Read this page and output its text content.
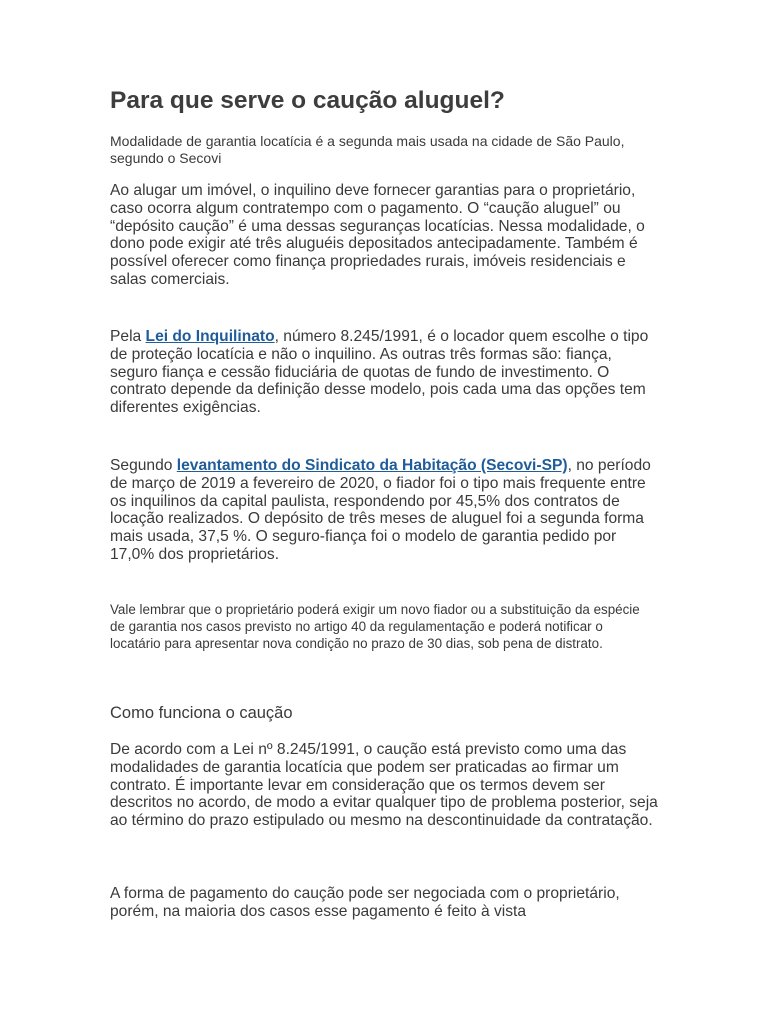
Para que serve o caução aluguel?

Modalidade de garantia locatícia é a segunda mais usada na cidade de São Paulo, segundo o Secovi

Ao alugar um imóvel, o inquilino deve fornecer garantias para o proprietário, caso ocorra algum contratempo com o pagamento. O “caução aluguel” ou “depósito caução” é uma dessas seguranças locatícias. Nessa modalidade, o dono pode exigir até três aluguéis depositados antecipadamente. Também é possível oferecer como finança propriedades rurais, imóveis residenciais e salas comerciais.

Pela Lei do Inquilinato, número 8.245/1991, é o locador quem escolhe o tipo de proteção locatícia e não o inquilino. As outras três formas são: fiança, seguro fiança e cessão fiduciária de quotas de fundo de investimento. O contrato depende da definição desse modelo, pois cada uma das opções tem diferentes exigências.

Segundo levantamento do Sindicato da Habitação (Secovi-SP), no período de março de 2019 a fevereiro de 2020, o fiador foi o tipo mais frequente entre os inquilinos da capital paulista, respondendo por 45,5% dos contratos de locação realizados. O depósito de três meses de aluguel foi a segunda forma mais usada, 37,5 %. O seguro-fiança foi o modelo de garantia pedido por 17,0% dos proprietários.

Vale lembrar que o proprietário poderá exigir um novo fiador ou a substituição da espécie de garantia nos casos previsto no artigo 40 da regulamentação e poderá notificar o locatário para apresentar nova condição no prazo de 30 dias, sob pena de distrato.

Como funciona o caução

De acordo com a Lei nº 8.245/1991, o caução está previsto como uma das modalidades de garantia locatícia que podem ser praticadas ao firmar um contrato. É importante levar em consideração que os termos devem ser descritos no acordo, de modo a evitar qualquer tipo de problema posterior, seja ao término do prazo estipulado ou mesmo na descontinuidade da contratação.

A forma de pagamento do caução pode ser negociada com o proprietário, porém, na maioria dos casos esse pagamento é feito à vista
